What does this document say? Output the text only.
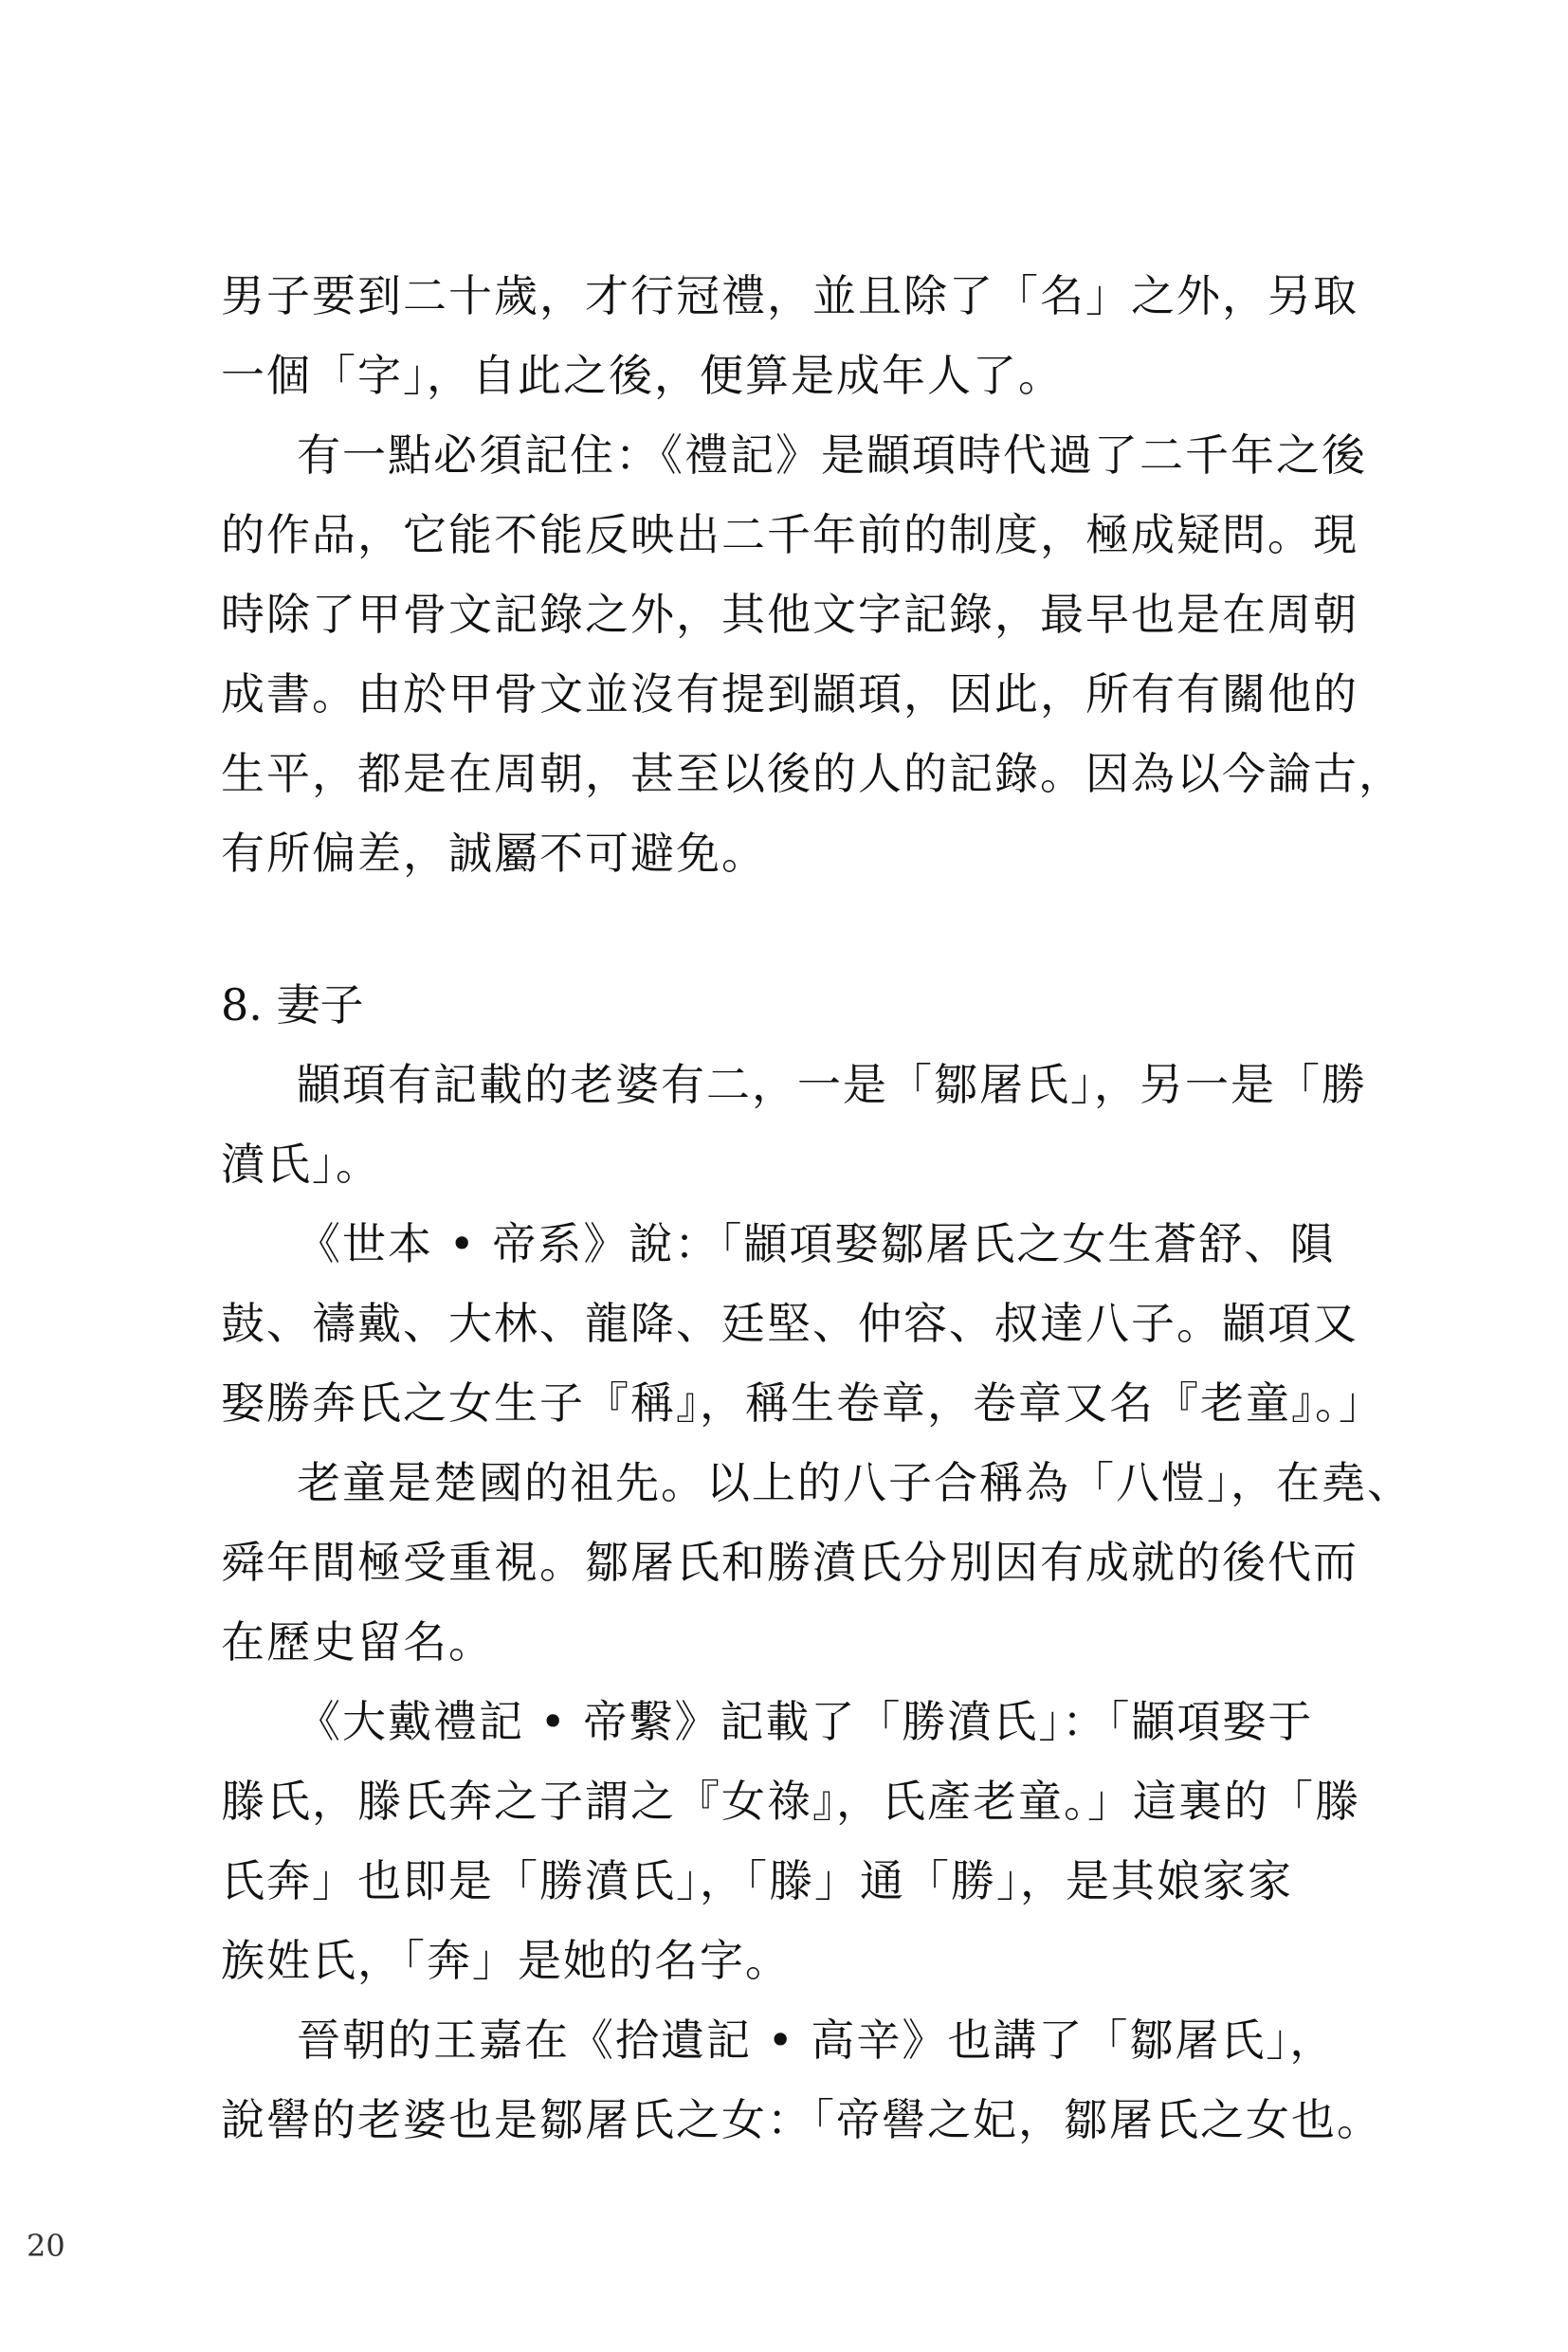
男子要到二十歲，才行冠禮，並且除了「名」之外，另取
一個「字」，自此之後，便算是成年人了。
有一點必須記住：《禮記》是顓頊時代過了二千年之後
的作品，它能不能反映出二千年前的制度，極成疑問。現
時除了甲骨文記錄之外，其他文字記錄，最早也是在周朝
成書。由於甲骨文並沒有提到顓頊，因此，所有有關他的
生平，都是在周朝，甚至以後的人的記錄。因為以今論古，
有所偏差，誠屬不可避免。
8. 妻子
顓頊有記載的老婆有二，一是「鄒屠氏」，另一是「勝
濆氏」。
《世本 • 帝系》說：「顓項娶鄒屠氏之女生蒼舒、隕
鼓、禱戴、大林、龍降、廷堅、仲容、叔達八子。顓項又
娶勝奔氏之女生子『稱』，稱生卷章，卷章又名『老童』。」
老童是楚國的祖先。以上的八子合稱為「八愷」，在堯、
舜年間極受重視。鄒屠氏和勝濆氏分別因有成就的後代而
在歷史留名。
《大戴禮記 • 帝繫》記載了「勝濆氏」：「顓項娶于
滕氏，滕氏奔之子謂之『女祿』，氏產老童。」這裏的「滕
氏奔」也即是「勝濆氏」，「滕」通「勝」，是其娘家家
族姓氏，「奔」是她的名字。
晉朝的王嘉在《拾遺記 • 高辛》也講了「鄒屠氏」，
說嚳的老婆也是鄒屠氏之女：「帝嚳之妃，鄒屠氏之女也。
20
